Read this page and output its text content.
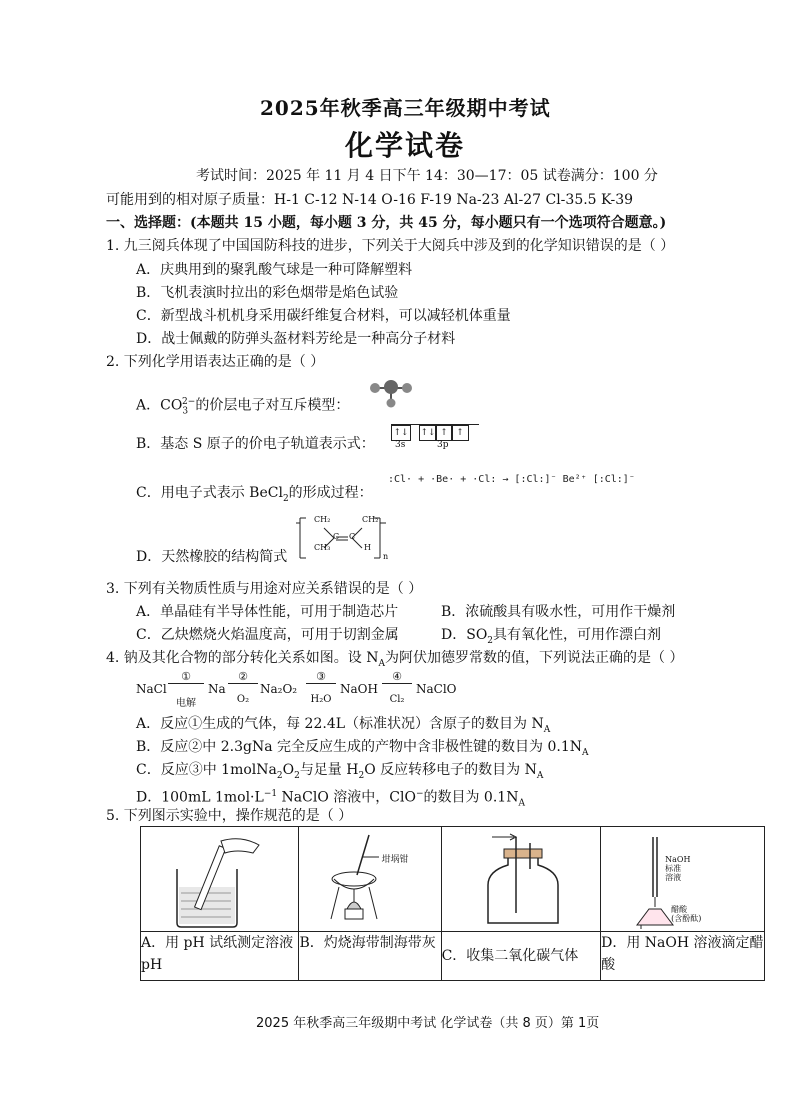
2025年秋季高三年级期中考试
化学试卷
考试时间：2025 年 11 月 4 日下午 14：30—17：05 试卷满分：100 分
可能用到的相对原子质量：H-1 C-12 N-14 O-16 F-19 Na-23 Al-27 Cl-35.5 K-39
一、选择题：(本题共 15 小题，每小题 3 分，共 45 分，每小题只有一个选项符合题意。)
1. 九三阅兵体现了中国国防科技的进步，下列关于大阅兵中涉及到的化学知识错误的是（ ）
A．庆典用到的聚乳酸气球是一种可降解塑料
B．飞机表演时拉出的彩色烟带是焰色试验
C．新型战斗机机身采用碳纤维复合材料，可以减轻机体重量
D．战士佩戴的防弹头盔材料芳纶是一种高分子材料
2. 下列化学用语表达正确的是（ ）
A．$CO_3^{2-}$的价层电子对互斥模型：
B．基态 S 原子的价电子轨道表示式：
↑↓ ↑↓ ↑ ↑
3s	3p
C．用电子式表示 BeCl$_2$的形成过程：
:Cl· + ·Be· + ·Cl: → [:Cl:]⁻ Be²⁺ [:Cl:]⁻
D．天然橡胶的结构简式
CH₂
CH₃
C C
CH₂
H
n
3. 下列有关物质性质与用途对应关系错误的是（ ）
A．单晶硅有半导体性能，可用于制造芯片	B．浓硫酸具有吸水性，可用作干燥剂
C．乙炔燃烧火焰温度高，可用于切割金属	D．$SO_2$具有氧化性，可用作漂白剂
4. 钠及其化合物的部分转化关系如图。设 $N_A$为阿伏加德罗常数的值，下列说法正确的是（ ）
NaCl
①
电解
Na
②
O₂
Na₂O₂
③
H₂O
NaOH
④
Cl₂
NaClO
A．反应①生成的气体，每 22.4L（标准状况）含原子的数目为 $N_A$
B．反应②中 2.3gNa 完全反应生成的产物中含非极性键的数目为 $0.1N_A$
C．反应③中 $1molNa_2O_2$与足量 $H_2O$ 反应转移电子的数目为 $N_A$
D．100mL $1mol\cdot L^{-1}$ NaClO 溶液中，ClO−的数目为 $0.1N_A$
5. 下列图示实验中，操作规范的是（ ）

坩埚钳		NaOH
标准
溶液
醋酸
(含酚酞)

A．用 pH 试纸测定溶液 pH	B．灼烧海带制海带灰	C．收集二氧化碳气体	D．用 NaOH 溶液滴定醋酸
2025 年秋季高三年级期中考试 化学试卷（共 8 页）第 1页
